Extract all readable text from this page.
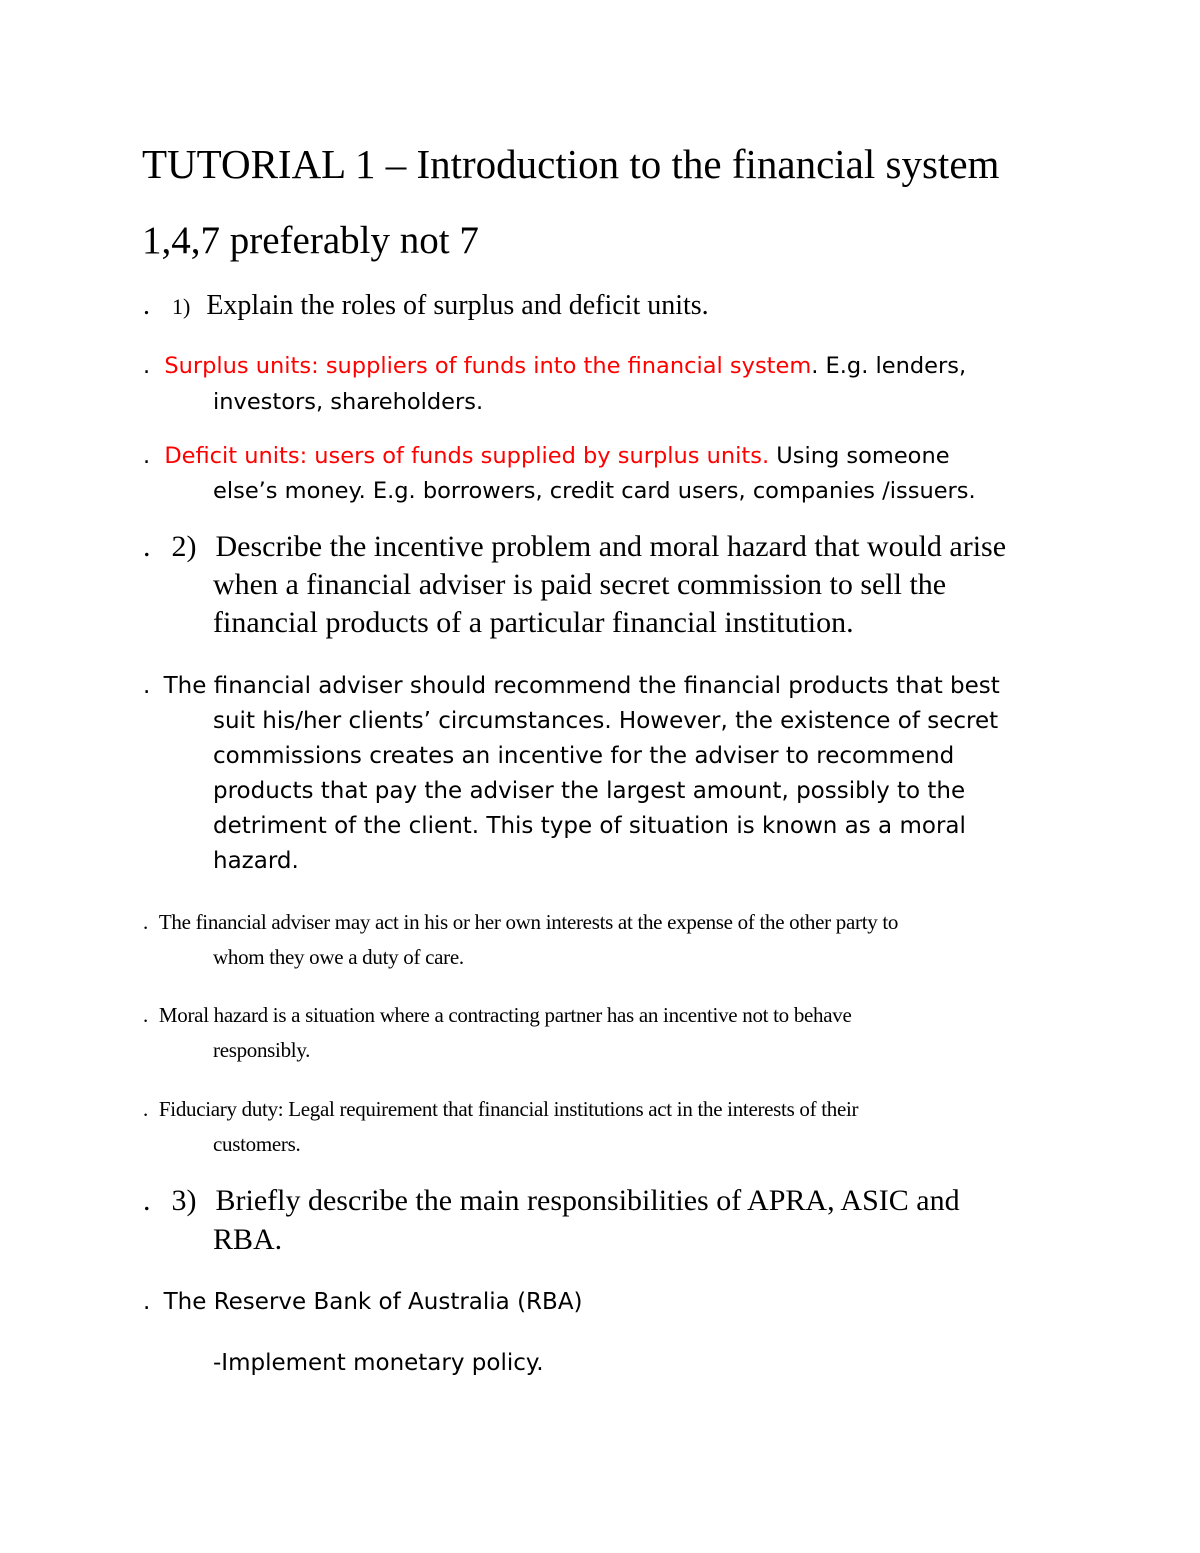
TUTORIAL 1 – Introduction to the financial system
1,4,7 preferably not 7
. 1) Explain the roles of surplus and deficit units.
. Surplus units: suppliers of funds into the financial system. E.g. lenders,
investors, shareholders.
. Deficit units: users of funds supplied by surplus units. Using someone
else’s money. E.g. borrowers, credit card users, companies /issuers.
. 2) Describe the incentive problem and moral hazard that would arise
when a financial adviser is paid secret commission to sell the
financial products of a particular financial institution.
. The financial adviser should recommend the financial products that best
suit his/her clients’ circumstances. However, the existence of secret
commissions creates an incentive for the adviser to recommend
products that pay the adviser the largest amount, possibly to the
detriment of the client. This type of situation is known as a moral
hazard.
. The financial adviser may act in his or her own interests at the expense of the other party to
whom they owe a duty of care.
. Moral hazard is a situation where a contracting partner has an incentive not to behave
responsibly.
. Fiduciary duty: Legal requirement that financial institutions act in the interests of their
customers.
. 3) Briefly describe the main responsibilities of APRA, ASIC and
RBA.
. The Reserve Bank of Australia (RBA)
-Implement monetary policy.
